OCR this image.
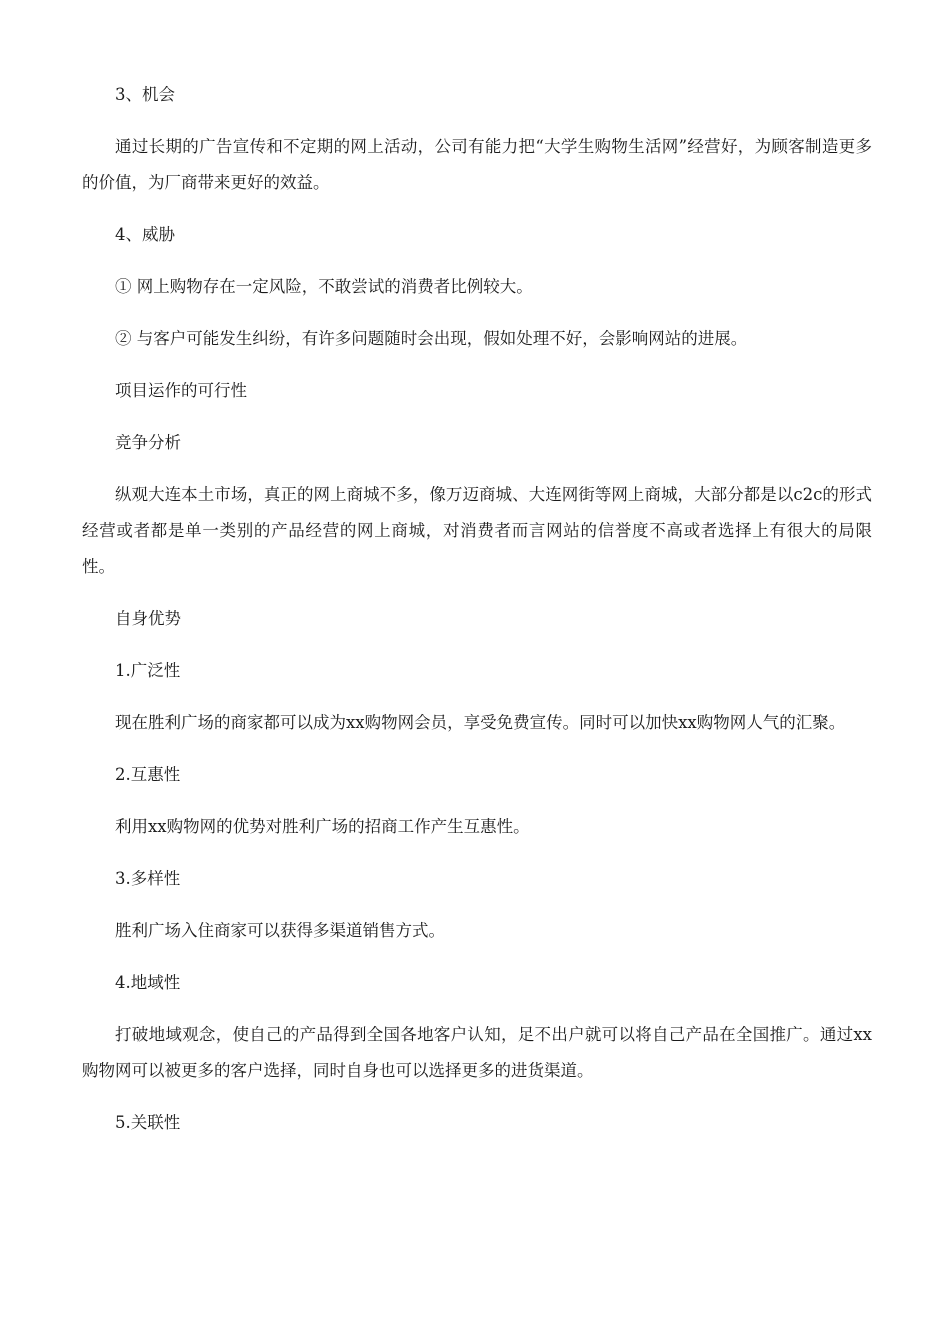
3、机会

通过长期的广告宣传和不定期的网上活动，公司有能力把“大学生购物生活网”经营好，为顾客制造更多的价值，为厂商带来更好的效益。

4、威胁

① 网上购物存在一定风险，不敢尝试的消费者比例较大。

② 与客户可能发生纠纷，有许多问题随时会出现，假如处理不好，会影响网站的进展。

项目运作的可行性

竞争分析

纵观大连本土市场，真正的网上商城不多，像万迈商城、大连网街等网上商城，大部分都是以c2c的形式经营或者都是单一类别的产品经营的网上商城，对消费者而言网站的信誉度不高或者选择上有很大的局限性。

自身优势

1.广泛性

现在胜利广场的商家都可以成为xx购物网会员，享受免费宣传。同时可以加快xx购物网人气的汇聚。

2.互惠性

利用xx购物网的优势对胜利广场的招商工作产生互惠性。

3.多样性

胜利广场入住商家可以获得多渠道销售方式。

4.地域性

打破地域观念，使自己的产品得到全国各地客户认知，足不出户就可以将自己产品在全国推广。通过xx购物网可以被更多的客户选择，同时自身也可以选择更多的进货渠道。

5.关联性
